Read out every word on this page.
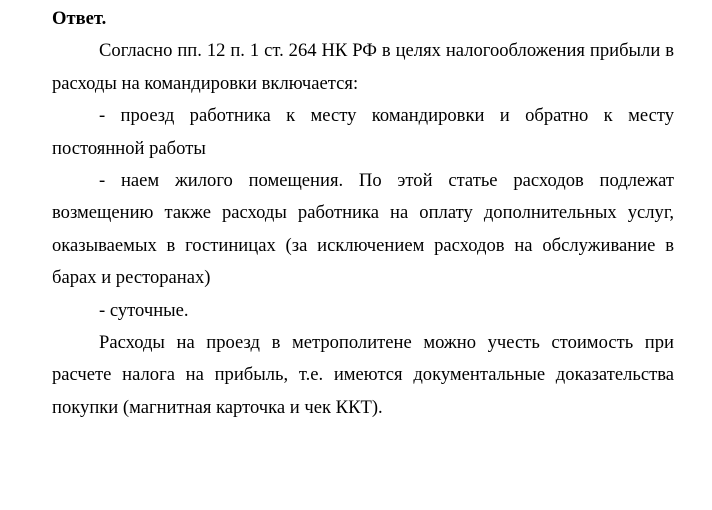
Ответ.

Согласно пп. 12 п. 1 ст. 264 НК РФ в целях налогообложения прибыли в расходы на командировки включается:

- проезд работника к месту командировки и обратно к месту постоянной работы

- наем жилого помещения. По этой статье расходов подлежат возмещению также расходы работника на оплату дополнительных услуг, оказываемых в гостиницах (за исключением расходов на обслуживание в барах и ресторанах)

- суточные.

Расходы на проезд в метрополитене можно учесть стоимость при расчете налога на прибыль, т.е. имеются документальные доказательства покупки (магнитная карточка и чек ККТ).
